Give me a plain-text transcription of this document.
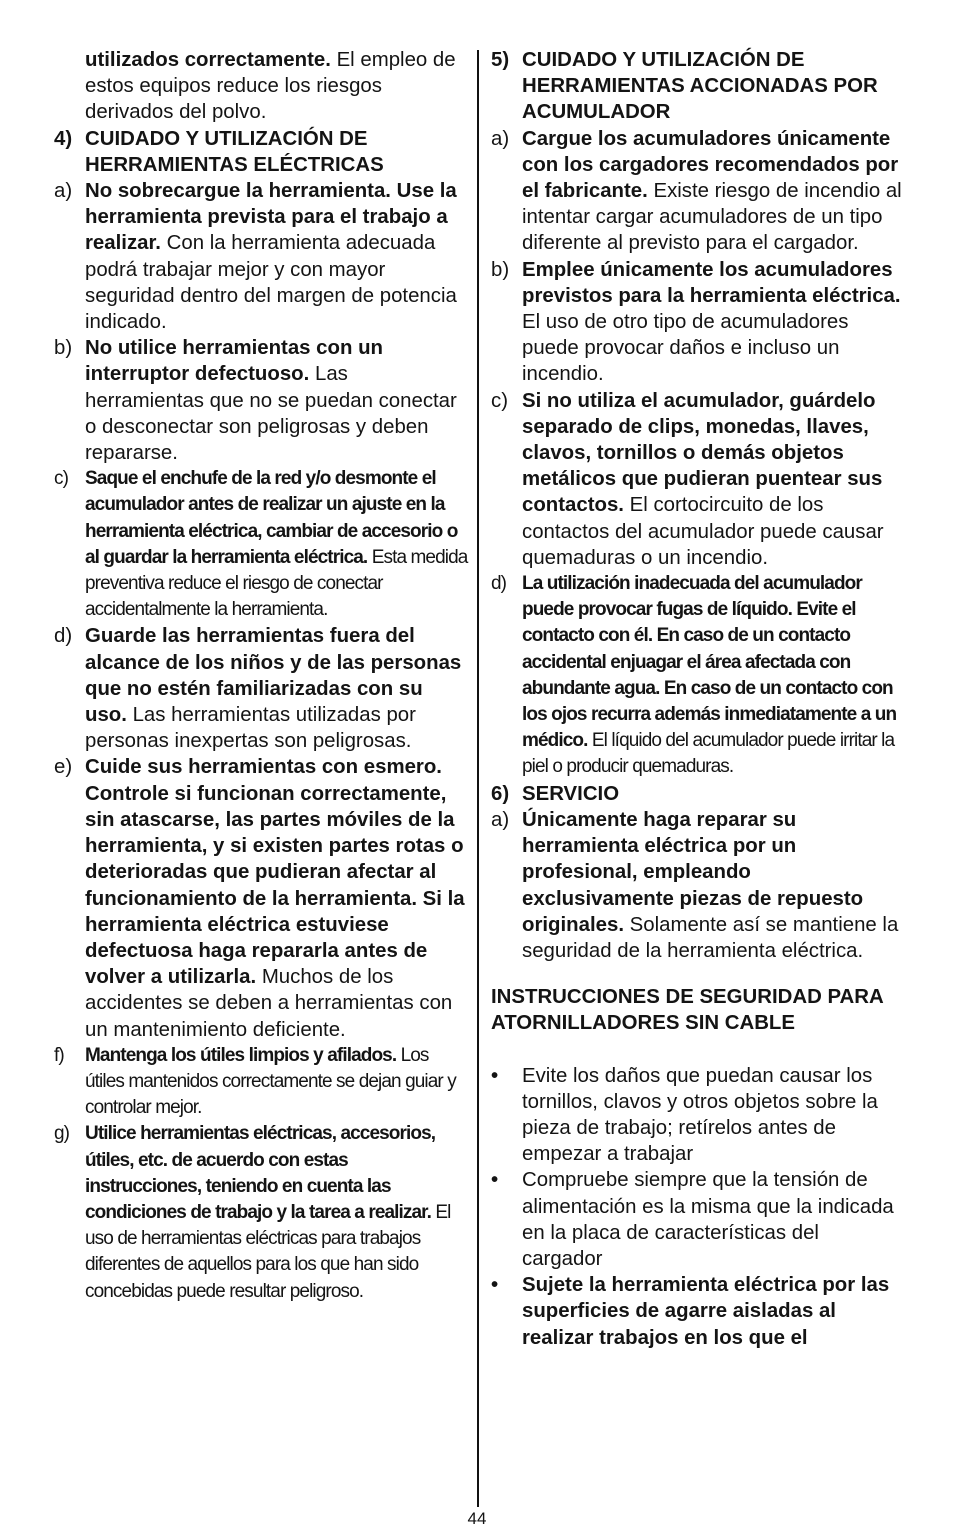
utilizados correctamente. El empleo de estos equipos reduce los riesgos derivados del polvo.
4) CUIDADO Y UTILIZACIÓN DE HERRAMIENTAS ELÉCTRICAS
a) No sobrecargue la herramienta. Use la herramienta prevista para el trabajo a realizar. Con la herramienta adecuada podrá trabajar mejor y con mayor seguridad dentro del margen de potencia indicado.
b) No utilice herramientas con un interruptor defectuoso. Las herramientas que no se puedan conectar o desconectar son peligrosas y deben repararse.
c) Saque el enchufe de la red y/o desmonte el acumulador antes de realizar un ajuste en la herramienta eléctrica, cambiar de accesorio o al guardar la herramienta eléctrica. Esta medida preventiva reduce el riesgo de conectar accidentalmente la herramienta.
d) Guarde las herramientas fuera del alcance de los niños y de las personas que no estén familiarizadas con su uso. Las herramientas utilizadas por personas inexpertas son peligrosas.
e) Cuide sus herramientas con esmero. Controle si funcionan correctamente, sin atascarse, las partes móviles de la herramienta, y si existen partes rotas o deterioradas que pudieran afectar al funcionamiento de la herramienta. Si la herramienta eléctrica estuviese defectuosa haga repararla antes de volver a utilizarla. Muchos de los accidentes se deben a herramientas con un mantenimiento deficiente.
f)	Mantenga los útiles limpios y afilados. Los útiles mantenidos correctamente se dejan guiar y controlar mejor.
g) Utilice herramientas eléctricas, accesorios, útiles, etc. de acuerdo con estas instrucciones, teniendo en cuenta las condiciones de trabajo y la tarea a realizar. El uso de herramientas eléctricas para trabajos diferentes de aquellos para los que han sido concebidas puede resultar peligroso.
5) CUIDADO Y UTILIZACIÓN DE HERRAMIENTAS ACCIONADAS POR ACUMULADOR
a) Cargue los acumuladores únicamente con los cargadores recomendados por el fabricante. Existe riesgo de incendio al intentar cargar acumuladores de un tipo diferente al previsto para el cargador.
b) Emplee únicamente los acumuladores previstos para la herramienta eléctrica. El uso de otro tipo de acumuladores puede provocar daños e incluso un incendio.
c) Si no utiliza el acumulador, guárdelo separado de clips, monedas, llaves, clavos, tornillos o demás objetos metálicos que pudieran puentear sus contactos. El cortocircuito de los contactos del acumulador puede causar quemaduras o un incendio.
d) La utilización inadecuada del acumulador puede provocar fugas de líquido. Evite el contacto con él. En caso de un contacto accidental enjuagar el área afectada con abundante agua. En caso de un contacto con los ojos recurra además inmediatamente a un médico. El líquido del acumulador puede irritar la piel o producir quemaduras.
6) SERVICIO
a) Únicamente haga reparar su herramienta eléctrica por un profesional, empleando exclusivamente piezas de repuesto originales. Solamente así se mantiene la seguridad de la herramienta eléctrica.
INSTRUCCIONES DE SEGURIDAD PARA ATORNILLADORES SIN CABLE
•	Evite los daños que puedan causar los tornillos, clavos y otros objetos sobre la pieza de trabajo; retírelos antes de empezar a trabajar
•	Compruebe siempre que la tensión de alimentación es la misma que la indicada en la placa de características del cargador
•	Sujete la herramienta eléctrica por las superficies de agarre aisladas al realizar trabajos en los que el
44
